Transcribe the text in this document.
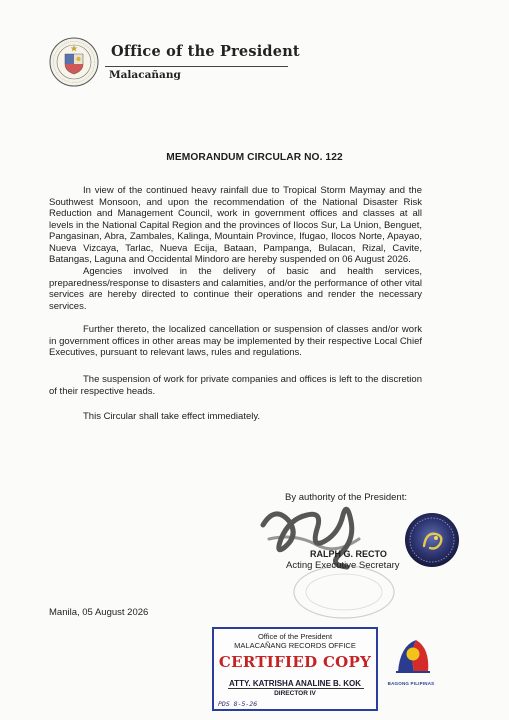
Office of the President
Malacañang
MEMORANDUM CIRCULAR NO. 122

In view of the continued heavy rainfall due to Tropical Storm Maymay and the Southwest Monsoon, and upon the recommendation of the National Disaster Risk Reduction and Management Council, work in government offices and classes at all levels in the National Capital Region and the provinces of Ilocos Sur, La Union, Benguet, Pangasinan, Abra, Zambales, Kalinga, Mountain Province, Ifugao, Ilocos Norte, Apayao, Nueva Vizcaya, Tarlac, Nueva Ecija, Bataan, Pampanga, Bulacan, Rizal, Cavite, Batangas, Laguna and Occidental Mindoro are hereby suspended on 06 August 2026.

Agencies involved in the delivery of basic and health services, preparedness/response to disasters and calamities, and/or the performance of other vital services are hereby directed to continue their operations and render the necessary services.

Further thereto, the localized cancellation or suspension of classes and/or work in government offices in other areas may be implemented by their respective Local Chief Executives, pursuant to relevant laws, rules and regulations.

The suspension of work for private companies and offices is left to the discretion of their respective heads.

This Circular shall take effect immediately.

By authority of the President:
RALPH G. RECTO
Acting Executive Secretary
Manila, 05 August 2026
Office of the President
MALACAÑANG RECORDS OFFICE
CERTIFIED COPY
ATTY. KATRISHA ANALINE B. KOK
DIRECTOR IV
PDS 8-5-26
BAGONG PILIPINAS
